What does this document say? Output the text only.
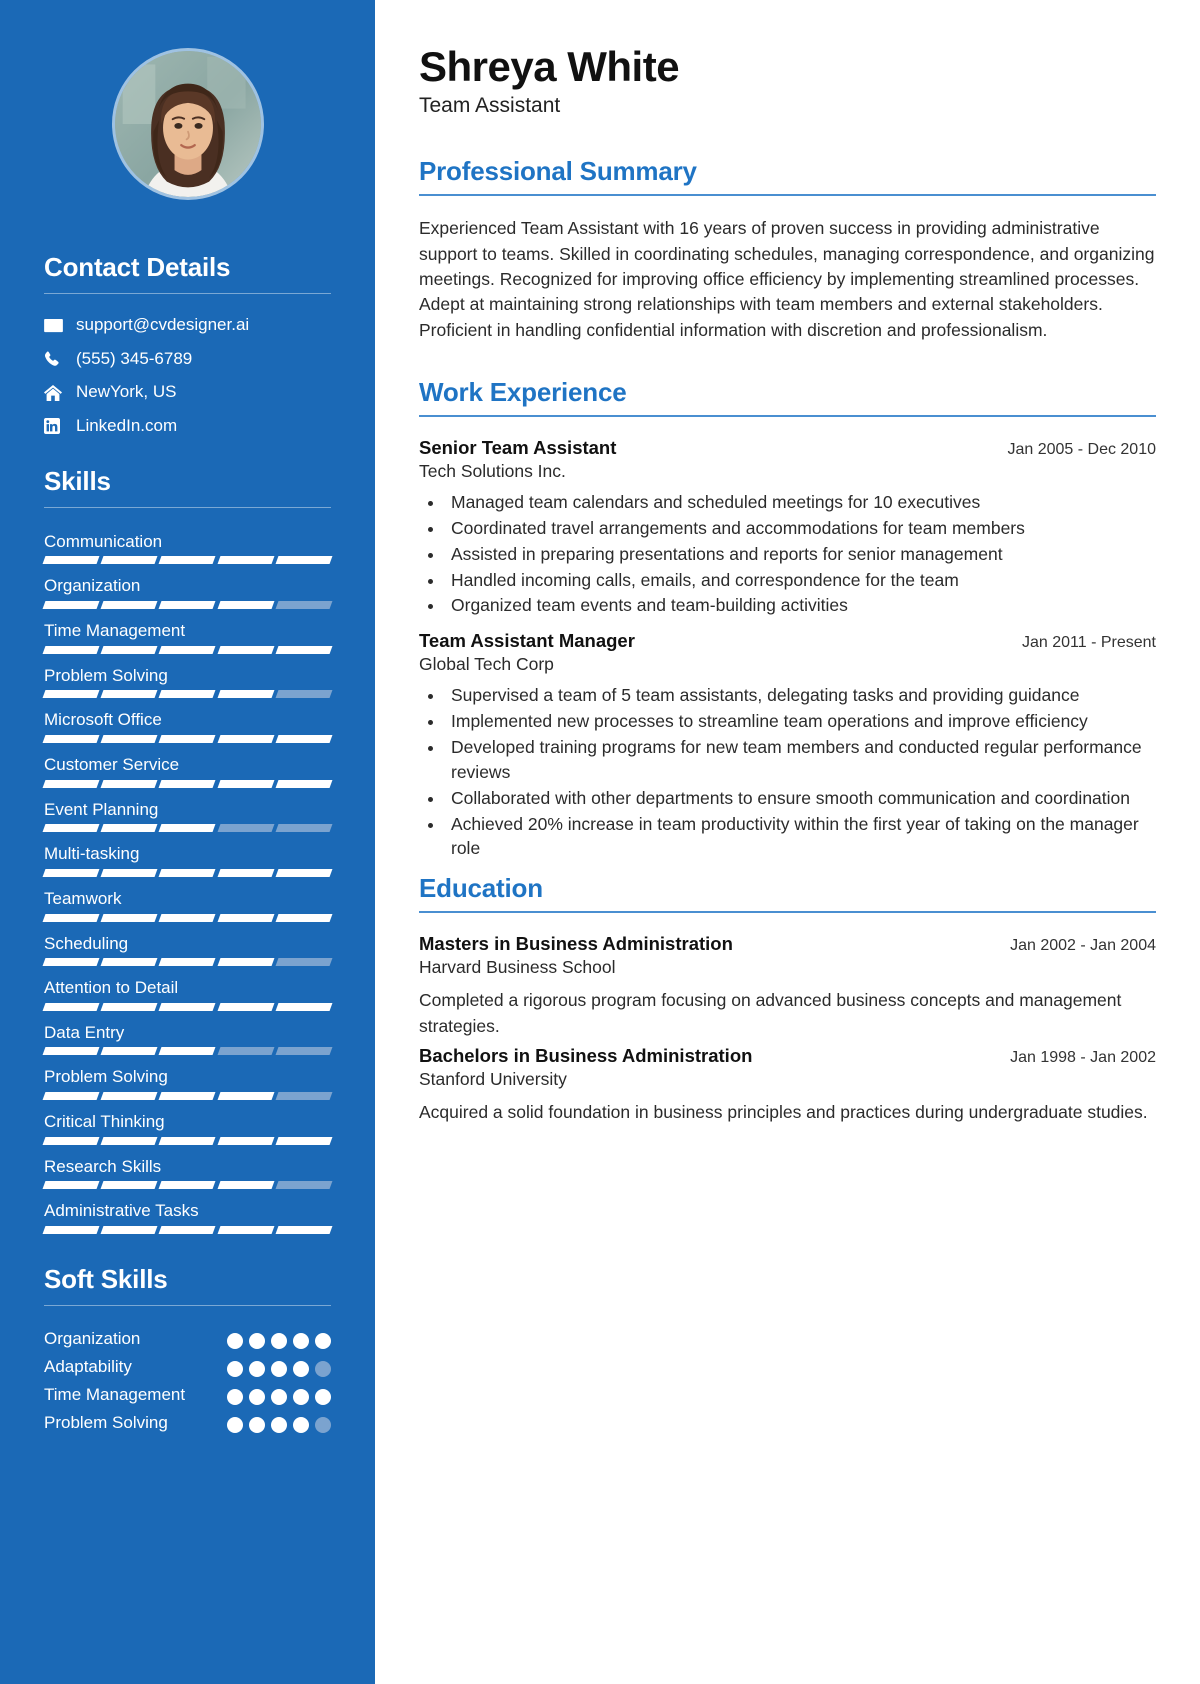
Contact Details
support@cvdesigner.ai
(555) 345-6789
NewYork, US
LinkedIn.com
Skills
Communication
Organization
Time Management
Problem Solving
Microsoft Office
Customer Service
Event Planning
Multi-tasking
Teamwork
Scheduling
Attention to Detail
Data Entry
Problem Solving
Critical Thinking
Research Skills
Administrative Tasks
Soft Skills
Organization
Adaptability
Time Management
Problem Solving
Shreya White
Team Assistant
Professional Summary

Experienced Team Assistant with 16 years of proven success in providing administrative support to teams. Skilled in coordinating schedules, managing correspondence, and organizing meetings. Recognized for improving office efficiency by implementing streamlined processes. Adept at maintaining strong relationships with team members and external stakeholders. Proficient in handling confidential information with discretion and professionalism.

Work Experience
Senior Team Assistant	Jan 2005 - Dec 2010
Tech Solutions Inc.
• Managed team calendars and scheduled meetings for 10 executives
• Coordinated travel arrangements and accommodations for team members
• Assisted in preparing presentations and reports for senior management
• Handled incoming calls, emails, and correspondence for the team
• Organized team events and team-building activities
Team Assistant Manager	Jan 2011 - Present
Global Tech Corp
• Supervised a team of 5 team assistants, delegating tasks and providing guidance
• Implemented new processes to streamline team operations and improve efficiency
• Developed training programs for new team members and conducted regular performance reviews
• Collaborated with other departments to ensure smooth communication and coordination
• Achieved 20% increase in team productivity within the first year of taking on the manager role
Education
Masters in Business Administration	Jan 2002 - Jan 2004
Harvard Business School
Completed a rigorous program focusing on advanced business concepts and management strategies.
Bachelors in Business Administration	Jan 1998 - Jan 2002
Stanford University
Acquired a solid foundation in business principles and practices during undergraduate studies.
